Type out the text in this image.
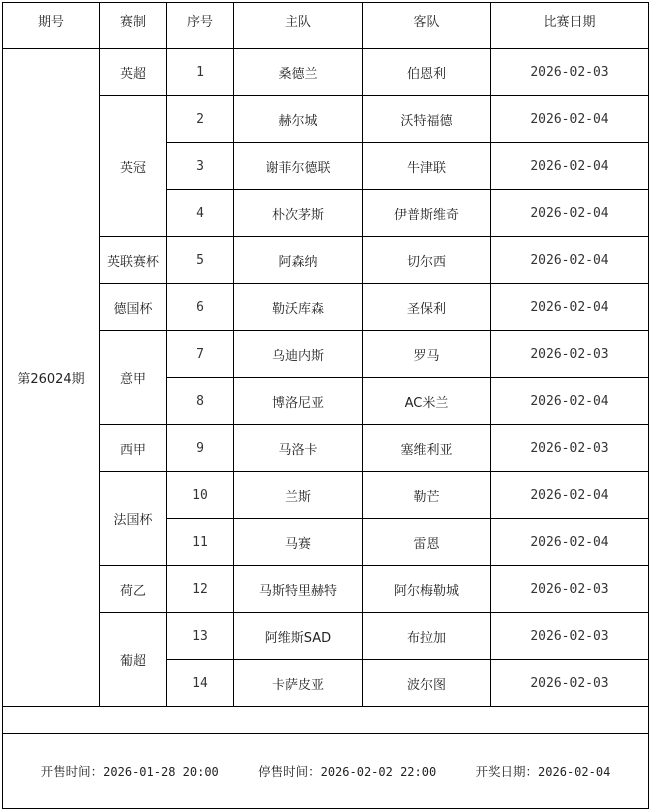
期号	赛制	序号	主队	客队	比赛日期
第26024期	英超	1	桑德兰	伯恩利	2026-02-03
	英冠	2	赫尔城	沃特福德	2026-02-04
		3	谢菲尔德联	牛津联	2026-02-04
		4	朴次茅斯	伊普斯维奇	2026-02-04
	英联赛杯	5	阿森纳	切尔西	2026-02-04
	德国杯	6	勒沃库森	圣保利	2026-02-04
	意甲	7	乌迪内斯	罗马	2026-02-03
		8	博洛尼亚	AC米兰	2026-02-04
	西甲	9	马洛卡	塞维利亚	2026-02-03
	法国杯	10	兰斯	勒芒	2026-02-04
		11	马赛	雷恩	2026-02-04
	荷乙	12	马斯特里赫特	阿尔梅勒城	2026-02-03
	葡超	13	阿维斯SAD	布拉加	2026-02-03
		14	卡萨皮亚	波尔图	2026-02-03

开售时间：2026-01-28 20:00 停售时间：2026-02-02 22:00 开奖日期：2026-02-04					
